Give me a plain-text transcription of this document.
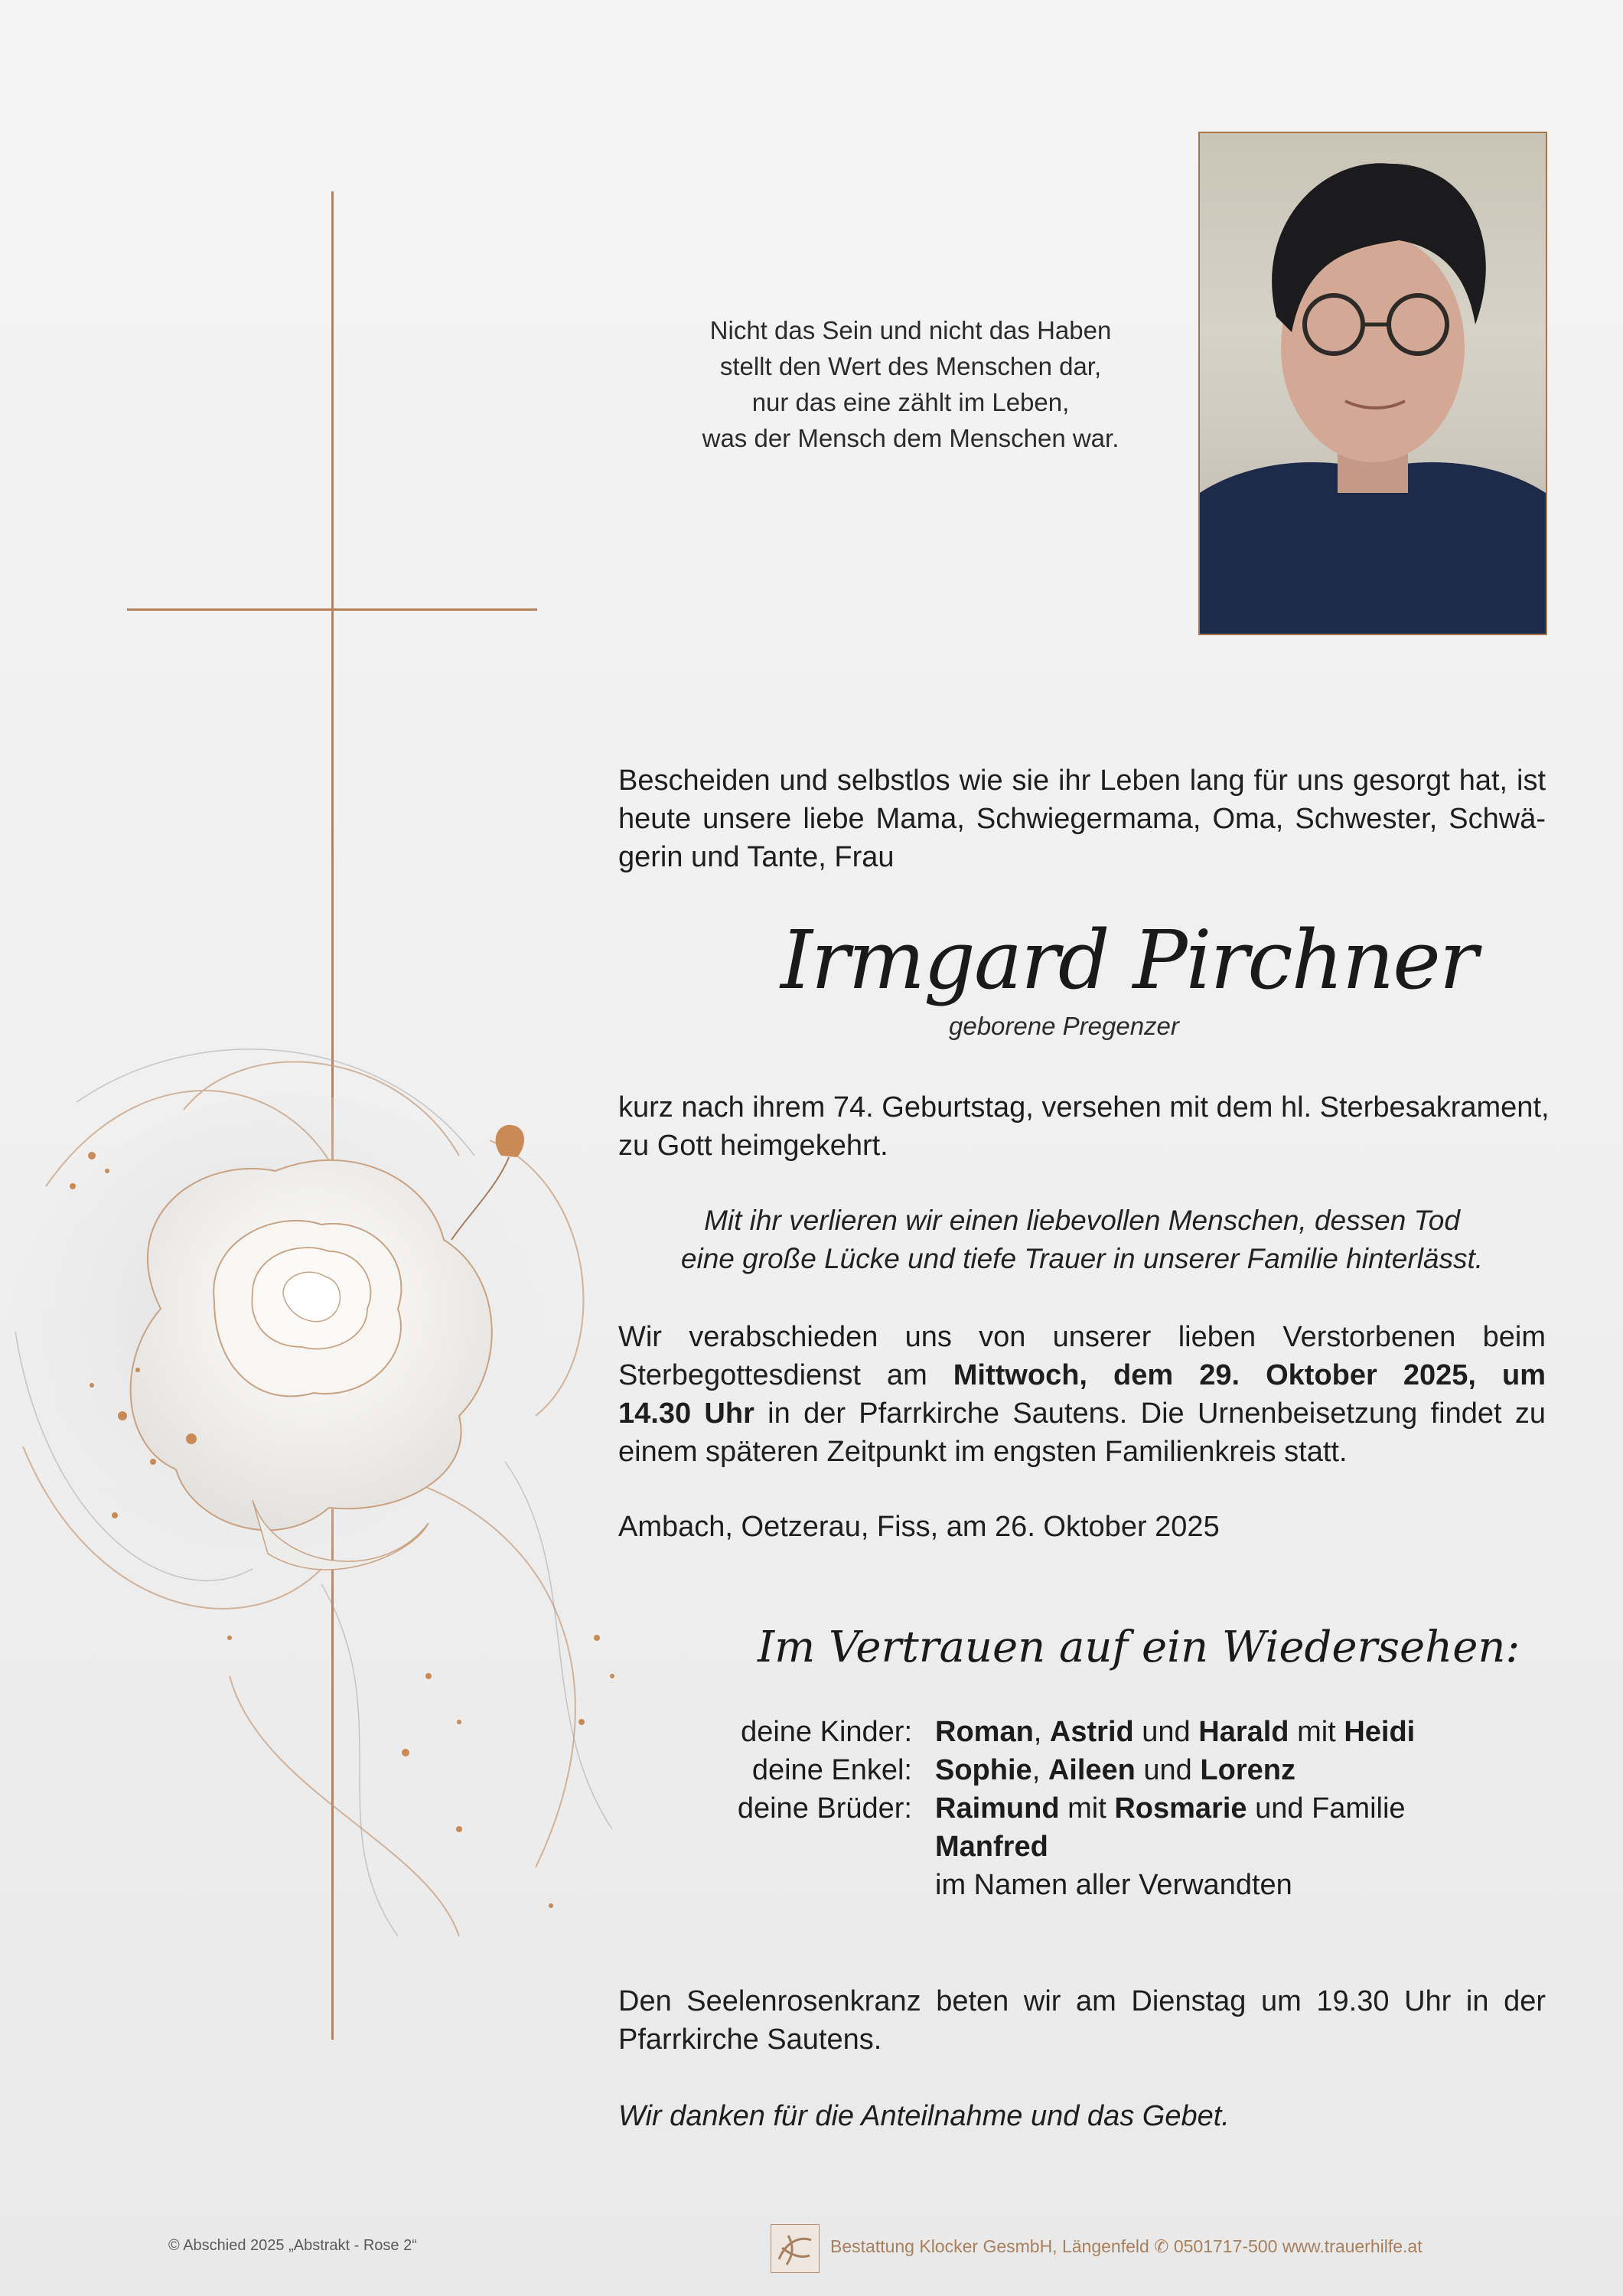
Nicht das Sein und nicht das Haben
stellt den Wert des Menschen dar,
nur das eine zählt im Leben,
was der Mensch dem Menschen war.
Bescheiden und selbstlos wie sie ihr Leben lang für uns gesorgt hat, ist
heute unsere liebe Mama, Schwiegermama, Oma, Schwester, Schwä-
gerin und Tante, Frau
Irmgard Pirchner
geborene Pregenzer
kurz nach ihrem 74. Geburtstag, versehen mit dem hl. Sterbesakrament,
zu Gott heimgekehrt.
Mit ihr verlieren wir einen liebevollen Menschen, dessen Tod
eine große Lücke und tiefe Trauer in unserer Familie hinterlässt.
Wir verabschieden uns von unserer lieben Verstorbenen beim
Sterbegottesdienst am Mittwoch, dem 29. Oktober 2025, um
14.30 Uhr in der Pfarrkirche Sautens. Die Urnenbeisetzung findet zu
einem späteren Zeitpunkt im engsten Familienkreis statt.
Ambach, Oetzerau, Fiss, am 26. Oktober 2025
Im Vertrauen auf ein Wiedersehen:
deine Kinder:
deine Enkel:
deine Brüder:
Roman, Astrid und Harald mit Heidi
Sophie, Aileen und Lorenz
Raimund mit Rosmarie und Familie
Manfred
im Namen aller Verwandten
Den Seelenrosenkranz beten wir am Dienstag um 19.30 Uhr in der
Pfarrkirche Sautens.
Wir danken für die Anteilnahme und das Gebet.
© Abschied 2025 „Abstrakt - Rose 2“	Bestattung Klocker GesmbH, Längenfeld ✆ 0501717-500 www.trauerhilfe.at
